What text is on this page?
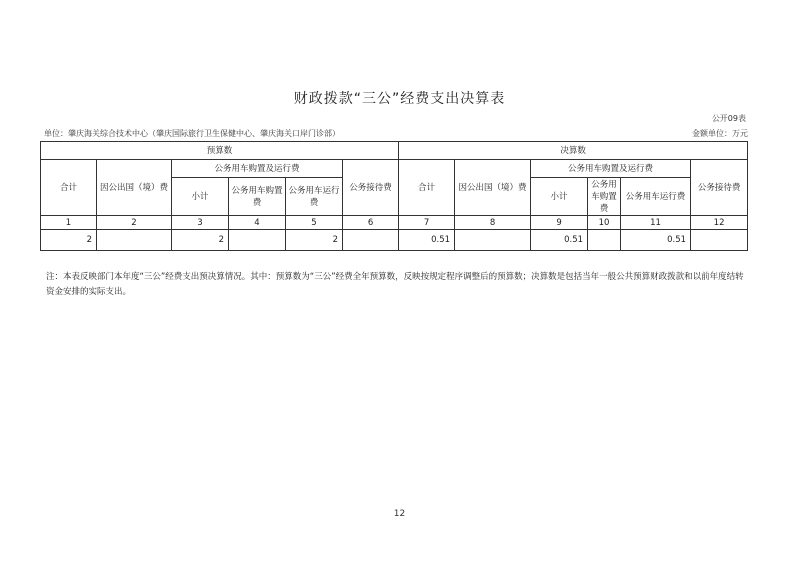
财政拨款“三公”经费支出决算表
公开09表
单位：肇庆海关综合技术中心（肇庆国际旅行卫生保健中心、肇庆海关口岸门诊部）	金额单位：万元
预算数						决算数					
合计	因公出国（境）费	公务用车购置及运行费			公务接待费	合计	因公出国（境）费	公务用车购置及运行费			公务接待费
		小计	公务用车购置费	公务用车运行费				小计	公务用车购置费	公务用车运行费	
1	2	3	4	5	6	7	8	9	10	11	12
2		2		2		0.51		0.51		0.51	
注：本表反映部门本年度“三公”经费支出预决算情况。其中：预算数为“三公”经费全年预算数，反映按规定程序调整后的预算数；决算数是包括当年一般公共预算财政拨款和以前年度结转资金安排的实际支出。
12
